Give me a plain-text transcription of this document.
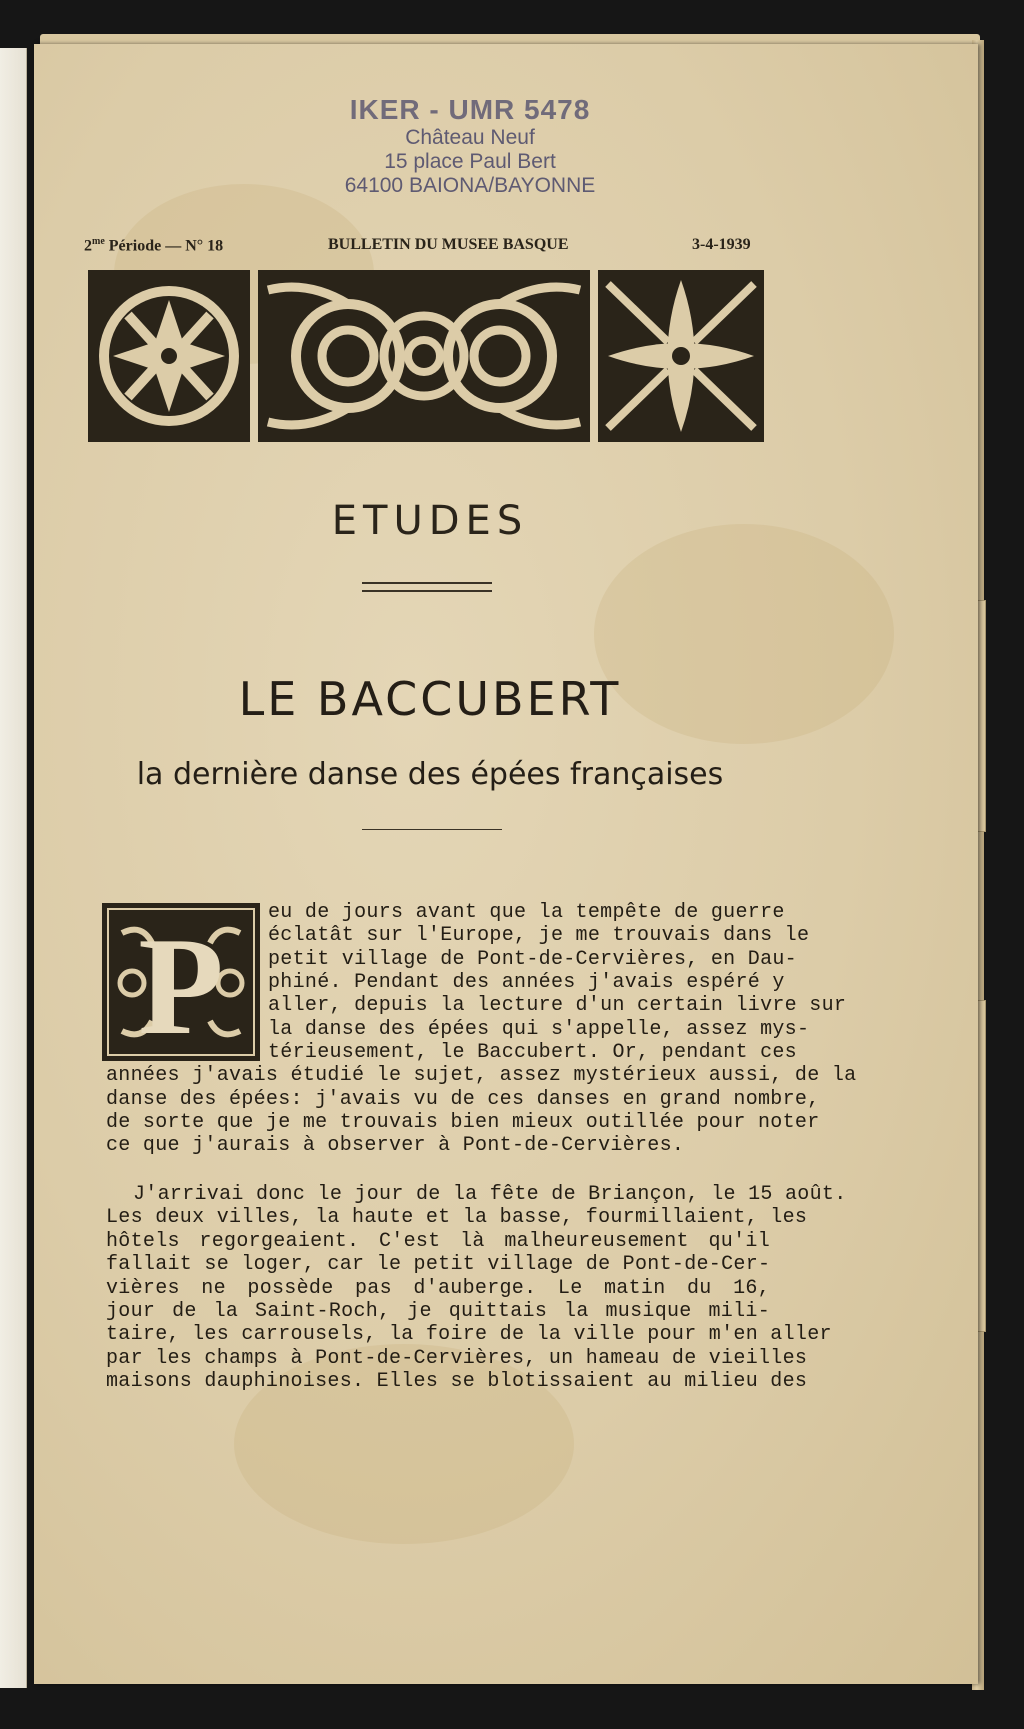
IKER - UMR 5478
Château Neuf
15 place Paul Bert
64100 BAIONA/BAYONNE
$2^{me}$ Période — N° 18	BULLETIN DU MUSEE BASQUE	3-4-1939
ETUDES
LE BACCUBERT
la dernière danse des épées françaises
P eu de jours avant que la tempête de guerre
éclatât sur l'Europe, je me trouvais dans le
petit village de Pont-de-Cervières, en Dau-
phiné. Pendant des années j'avais espéré y
aller, depuis la lecture d'un certain livre sur
la danse des épées qui s'appelle, assez mys-
térieusement, le Baccubert. Or, pendant ces
années j'avais étudié le sujet, assez mystérieux aussi, de la
danse des épées: j'avais vu de ces danses en grand nombre,
de sorte que je me trouvais bien mieux outillée pour noter
ce que j'aurais à observer à Pont-de-Cervières.
J'arrivai donc le jour de la fête de Briançon, le 15 août.
Les deux villes, la haute et la basse, fourmillaient, les
hôtels regorgeaient. C'est là malheureusement qu'il
fallait se loger, car le petit village de Pont-de-Cer-
vières ne possède pas d'auberge. Le matin du 16,
jour de la Saint-Roch, je quittais la musique mili-
taire, les carrousels, la foire de la ville pour m'en aller
par les champs à Pont-de-Cervières, un hameau de vieilles
maisons dauphinoises. Elles se blotissaient au milieu des
